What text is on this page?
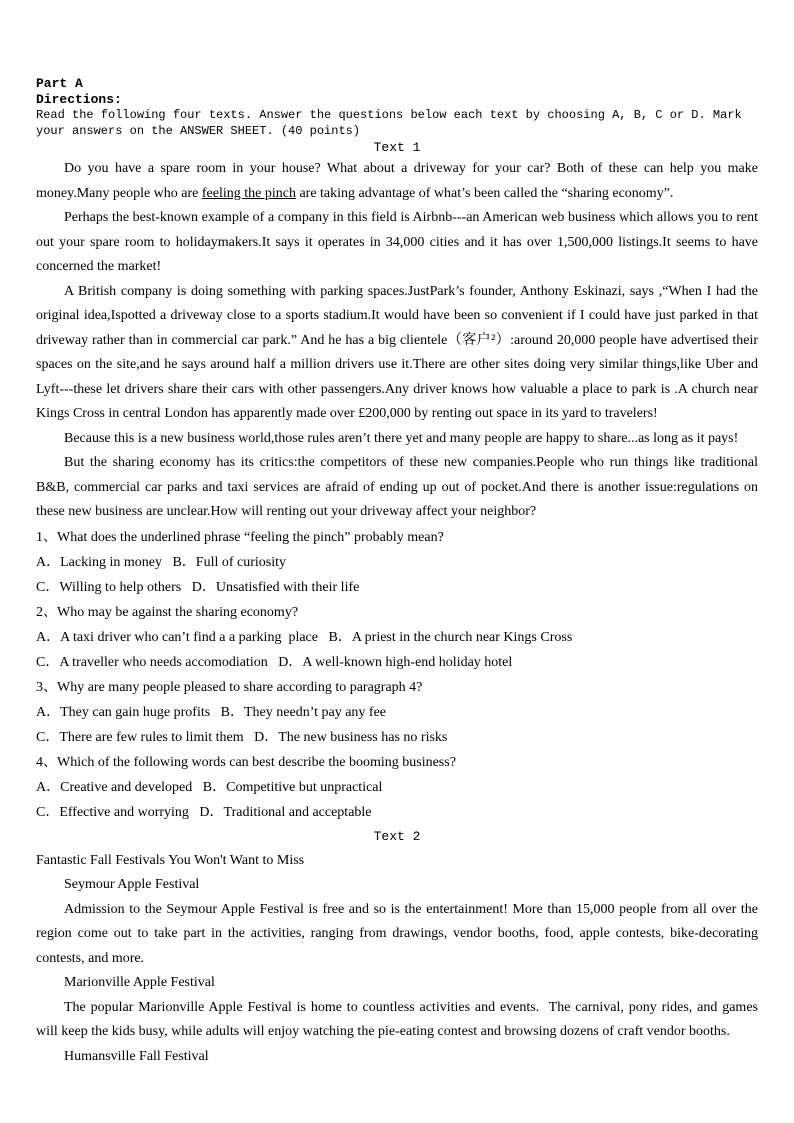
Part A
Directions:
Read the following four texts. Answer the questions below each text by choosing A, B, C or D. Mark your answers on the ANSWER SHEET. (40 points)
Text 1

Do you have a spare room in your house? What about a driveway for your car? Both of these can help you make money.Many people who are feeling the pinch are taking advantage of what’s been called the “sharing economy”.

Perhaps the best-known example of a company in this field is Airbnb---an American web business which allows you to rent out your spare room to holidaymakers.It says it operates in 34,000 cities and it has over 1,500,000 listings.It seems to have concerned the market!

A British company is doing something with parking spaces.JustPark’s founder, Anthony Eskinazi, says ,“When I had the original idea,Ispotted a driveway close to a sports stadium.It would have been so convenient if I could have just parked in that driveway rather than in commercial car park.” And he has a big clientele（客户²）:around 20,000 people have advertised their spaces on the site,and he says around half a million drivers use it.There are other sites doing very similar things,like Uber and Lyft---these let drivers share their cars with other passengers.Any driver knows how valuable a place to park is .A church near Kings Cross in central London has apparently made over £200,000 by renting out space in its yard to travelers!

Because this is a new business world,those rules aren’t there yet and many people are happy to share...as long as it pays!

But the sharing economy has its critics:the competitors of these new companies.People who run things like traditional B&B, commercial car parks and taxi services are afraid of ending up out of pocket.And there is another issue:regulations on these new business are unclear.How will renting out your driveway affect your neighbor?

1、What does the underlined phrase “feeling the pinch” probably mean?
A．Lacking in money   B．Full of curiosity
C．Willing to help others   D．Unsatisfied with their life
2、Who may be against the sharing economy?
A．A taxi driver who can’t find a a parking  place   B．A priest in the church near Kings Cross
C．A traveller who needs accomodiation   D．A well-known high-end holiday hotel
3、Why are many people pleased to share according to paragraph 4?
A．They can gain huge profits   B．They needn’t pay any fee
C．There are few rules to limit them   D．The new business has no risks
4、Which of the following words can best describe the booming business?
A．Creative and developed   B．Competitive but unpractical
C．Effective and worrying   D．Traditional and acceptable
Text 2

Fantastic Fall Festivals You Won't Want to Miss

Seymour Apple Festival

Admission to the Seymour Apple Festival is free and so is the entertainment! More than 15,000 people from all over the region come out to take part in the activities, ranging from drawings, vendor booths, food, apple contests, bike-decorating contests, and more.

Marionville Apple Festival

The popular Marionville Apple Festival is home to countless activities and events.  The carnival, pony rides, and games will keep the kids busy, while adults will enjoy watching the pie-eating contest and browsing dozens of craft vendor booths.

Humansville Fall Festival
